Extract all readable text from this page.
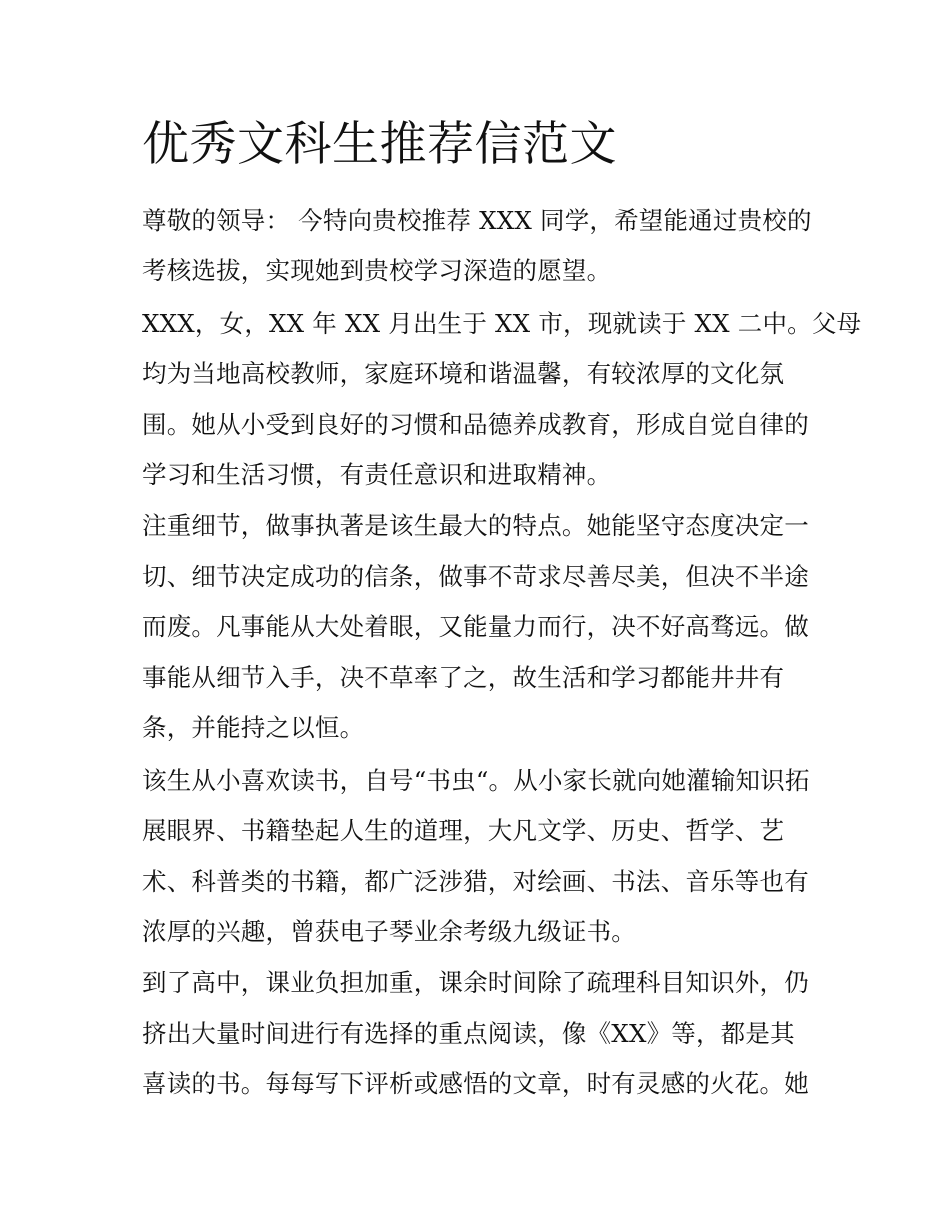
优秀文科生推荐信范文

尊敬的领导： 今特向贵校推荐 XXX 同学，希望能通过贵校的

考核选拔，实现她到贵校学习深造的愿望。

XXX，女，XX 年 XX 月出生于 XX 市，现就读于 XX 二中。父母

均为当地高校教师，家庭环境和谐温馨，有较浓厚的文化氛

围。她从小受到良好的习惯和品德养成教育，形成自觉自律的

学习和生活习惯，有责任意识和进取精神。

注重细节，做事执著是该生最大的特点。她能坚守态度决定一

切、细节决定成功的信条，做事不苛求尽善尽美，但决不半途

而废。凡事能从大处着眼，又能量力而行，决不好高骛远。做

事能从细节入手，决不草率了之，故生活和学习都能井井有

条，并能持之以恒。

该生从小喜欢读书，自号“书虫“。从小家长就向她灌输知识拓

展眼界、书籍垫起人生的道理，大凡文学、历史、哲学、艺

术、科普类的书籍，都广泛涉猎，对绘画、书法、音乐等也有

浓厚的兴趣，曾获电子琴业余考级九级证书。

到了高中，课业负担加重，课余时间除了疏理科目知识外，仍

挤出大量时间进行有选择的重点阅读，像《XX》等，都是其

喜读的书。每每写下评析或感悟的文章，时有灵感的火花。她
